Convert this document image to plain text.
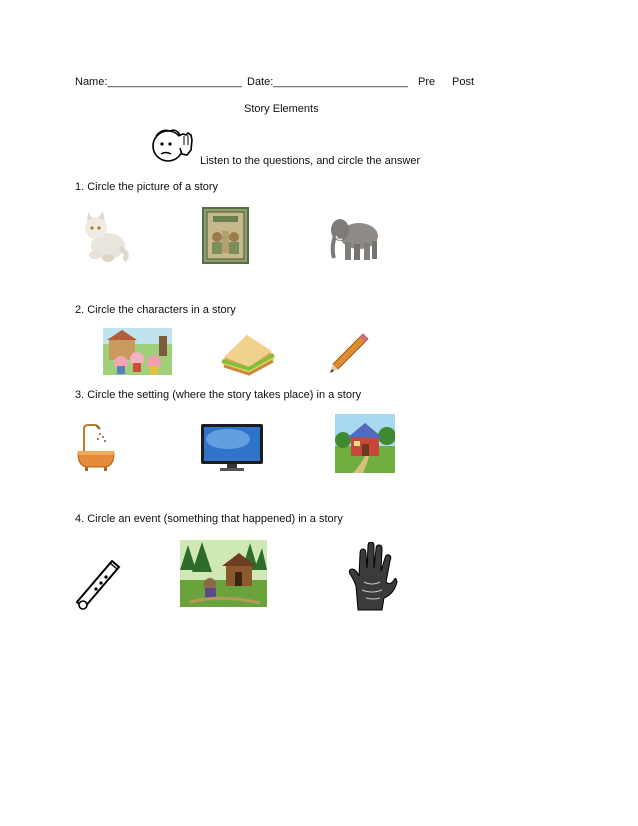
Name:______________________ Date:______________________ Pre Post
Story Elements
Listen to the questions, and circle the answer
1. Circle the picture of a story
2. Circle the characters in a story
3. Circle the setting (where the story takes place) in a story
4. Circle an event (something that happened) in a story
